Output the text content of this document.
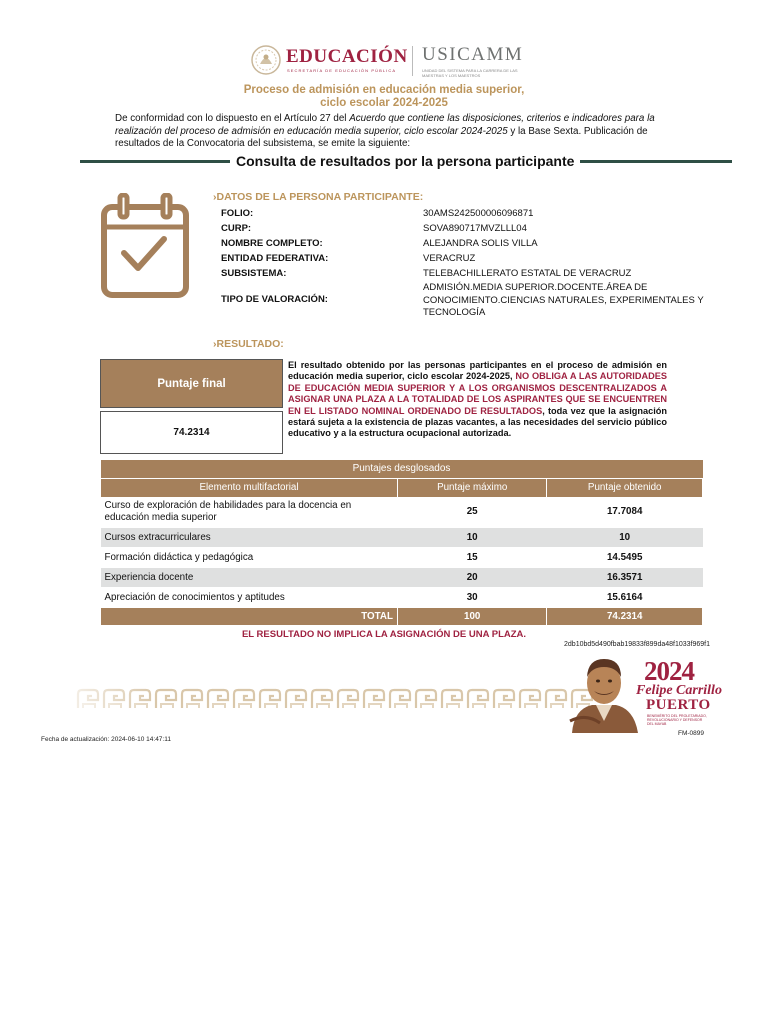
EDUCACIÓN
SECRETARÍA DE EDUCACIÓN PÚBLICA
USICAMM
UNIDAD DEL SISTEMA PARA LA CARRERA DE LAS MAESTRAS Y LOS MAESTROS
Proceso de admisión en educación media superior,
ciclo escolar 2024-2025

De conformidad con lo dispuesto en el Artículo 27 del Acuerdo que contiene las disposiciones, criterios e indicadores para la realización del proceso de admisión en educación media superior, ciclo escolar 2024-2025 y la Base Sexta. Publicación de resultados de la Convocatoria del subsistema, se emite la siguiente:

Consulta de resultados por la persona participante
›DATOS DE LA PERSONA PARTICIPANTE:
FOLIO:	30AMS242500006096871
CURP:	SOVA890717MVZLLL04
NOMBRE COMPLETO:	ALEJANDRA SOLIS VILLA
ENTIDAD FEDERATIVA:	VERACRUZ
SUBSISTEMA:	TELEBACHILLERATO ESTATAL DE VERACRUZ
TIPO DE VALORACIÓN:
ADMISIÓN.MEDIA SUPERIOR.DOCENTE.ÁREA DE CONOCIMIENTO.CIENCIAS NATURALES, EXPERIMENTALES Y TECNOLOGÍA
›RESULTADO:
Puntaje final
74.2314

El resultado obtenido por las personas participantes en el proceso de admisión en educación media superior, ciclo escolar 2024-2025, NO OBLIGA A LAS AUTORIDADES DE EDUCACIÓN MEDIA SUPERIOR Y A LOS ORGANISMOS DESCENTRALIZADOS A ASIGNAR UNA PLAZA A LA TOTALIDAD DE LOS ASPIRANTES QUE SE ENCUENTREN EN EL LISTADO NOMINAL ORDENADO DE RESULTADOS, toda vez que la asignación estará sujeta a la existencia de plazas vacantes, a las necesidades del servicio público educativo y a la estructura ocupacional autorizada.

Puntajes desglosados		
Elemento multifactorial	Puntaje máximo	Puntaje obtenido
Curso de exploración de habilidades para la docencia en educación media superior	25	17.7084
Cursos extracurriculares	10	10
Formación didáctica y pedagógica	15	14.5495
Experiencia docente	20	16.3571
Apreciación de conocimientos y aptitudes	30	15.6164
TOTAL	100	74.2314
EL RESULTADO NO IMPLICA LA ASIGNACIÓN DE UNA PLAZA.
2db10bd5d490fbab19833f899da48f1033f969f1
2024
Felipe Carrillo
PUERTO
BENEMÉRITO DEL PROLETARIADO, REVOLUCIONARIO Y DEFENSOR DEL MAYAB
FM-0899
Fecha de actualización: 2024-06-10 14:47:11
